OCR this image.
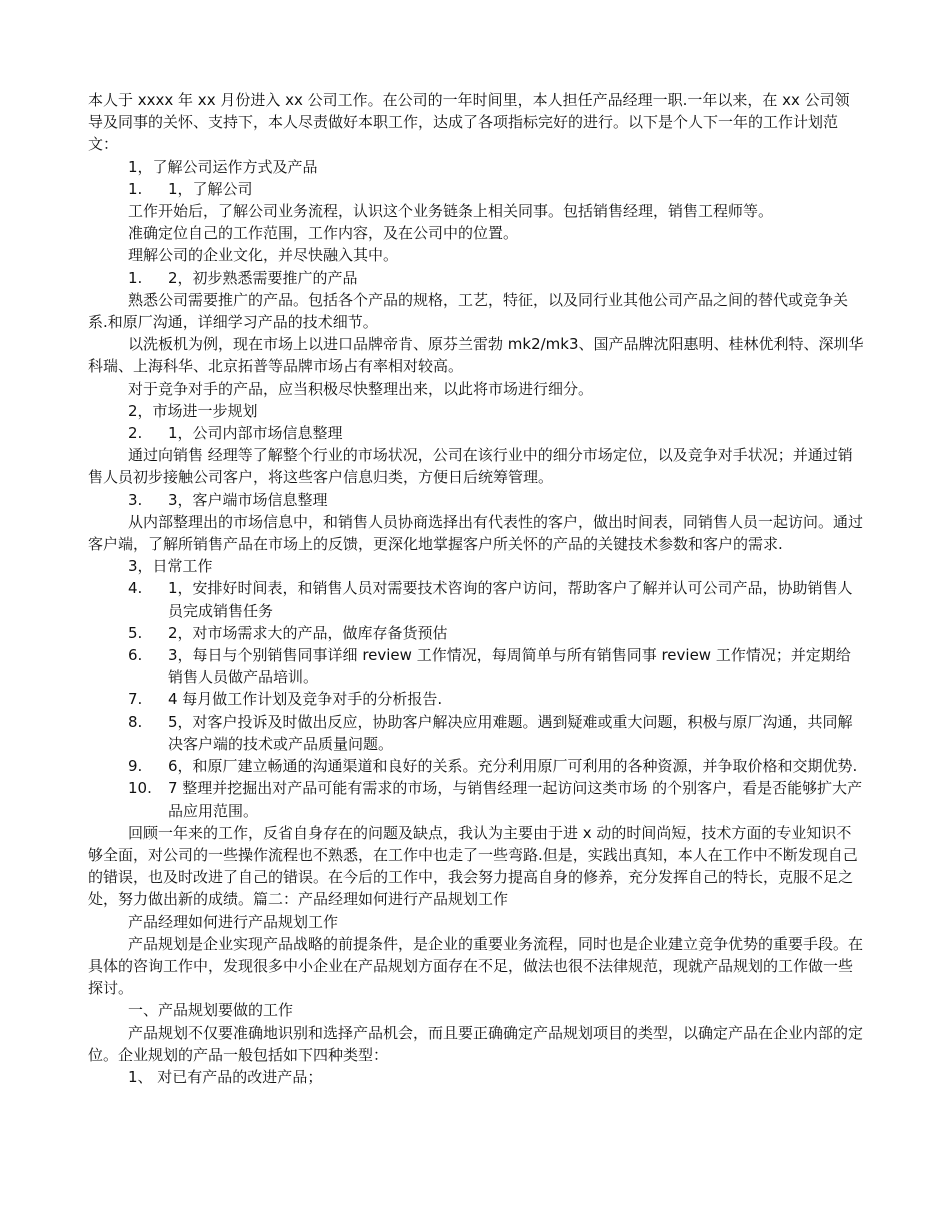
本人于 xxxx 年 xx 月份进入 xx 公司工作。在公司的一年时间里，本人担任产品经理一职.一年以来，在 xx 公司领导及同事的关怀、支持下，本人尽责做好本职工作，达成了各项指标完好的进行。以下是个人下一年的工作计划范文：

1，了解公司运作方式及产品

1.	1，了解公司

工作开始后，了解公司业务流程，认识这个业务链条上相关同事。包括销售经理，销售工程师等。

准确定位自己的工作范围，工作内容，及在公司中的位置。

理解公司的企业文化，并尽快融入其中。

1.	2，初步熟悉需要推广的产品

熟悉公司需要推广的产品。包括各个产品的规格，工艺，特征，以及同行业其他公司产品之间的替代或竞争关系.和原厂沟通，详细学习产品的技术细节。

以洗板机为例，现在市场上以进口品牌帝肯、原芬兰雷勃 mk2/mk3、国产品牌沈阳惠明、桂林优利特、深圳华科瑞、上海科华、北京拓普等品牌市场占有率相对较高。

对于竞争对手的产品，应当积极尽快整理出来，以此将市场进行细分。

2，市场进一步规划

2.	1，公司内部市场信息整理

通过向销售 经理等了解整个行业的市场状况，公司在该行业中的细分市场定位，以及竞争对手状况；并通过销售人员初步接触公司客户，将这些客户信息归类，方便日后统筹管理。

3.	3，客户端市场信息整理

从内部整理出的市场信息中，和销售人员协商选择出有代表性的客户，做出时间表，同销售人员一起访问。通过客户端，了解所销售产品在市场上的反馈，更深化地掌握客户所关怀的产品的关键技术参数和客户的需求.

3，日常工作

4.	1，安排好时间表，和销售人员对需要技术咨询的客户访问，帮助客户了解并认可公司产品，协助销售人员完成销售任务
5.	2，对市场需求大的产品，做库存备货预估
6.	3，每日与个别销售同事详细 review 工作情况，每周简单与所有销售同事 review 工作情况；并定期给销售人员做产品培训。
7.	4 每月做工作计划及竞争对手的分析报告.
8.	5，对客户投诉及时做出反应，协助客户解决应用难题。遇到疑难或重大问题，积极与原厂沟通，共同解决客户端的技术或产品质量问题。
9.	6，和原厂建立畅通的沟通渠道和良好的关系。充分利用原厂可利用的各种资源，并争取价格和交期优势.
10.	7 整理并挖掘出对产品可能有需求的市场，与销售经理一起访问这类市场 的个别客户，看是否能够扩大产品应用范围。

回顾一年来的工作，反省自身存在的问题及缺点，我认为主要由于进 x 动的时间尚短，技术方面的专业知识不够全面，对公司的一些操作流程也不熟悉，在工作中也走了一些弯路.但是，实践出真知，本人在工作中不断发现自己的错误，也及时改进了自己的错误。在今后的工作中，我会努力提高自身的修养，充分发挥自己的特长，克服不足之处，努力做出新的成绩。篇二：产品经理如何进行产品规划工作

产品经理如何进行产品规划工作

产品规划是企业实现产品战略的前提条件，是企业的重要业务流程，同时也是企业建立竞争优势的重要手段。在具体的咨询工作中，发现很多中小企业在产品规划方面存在不足，做法也很不法律规范，现就产品规划的工作做一些探讨。

一、产品规划要做的工作

产品规划不仅要准确地识别和选择产品机会，而且要正确确定产品规划项目的类型，以确定产品在企业内部的定位。企业规划的产品一般包括如下四种类型：

1、 对已有产品的改进产品；
